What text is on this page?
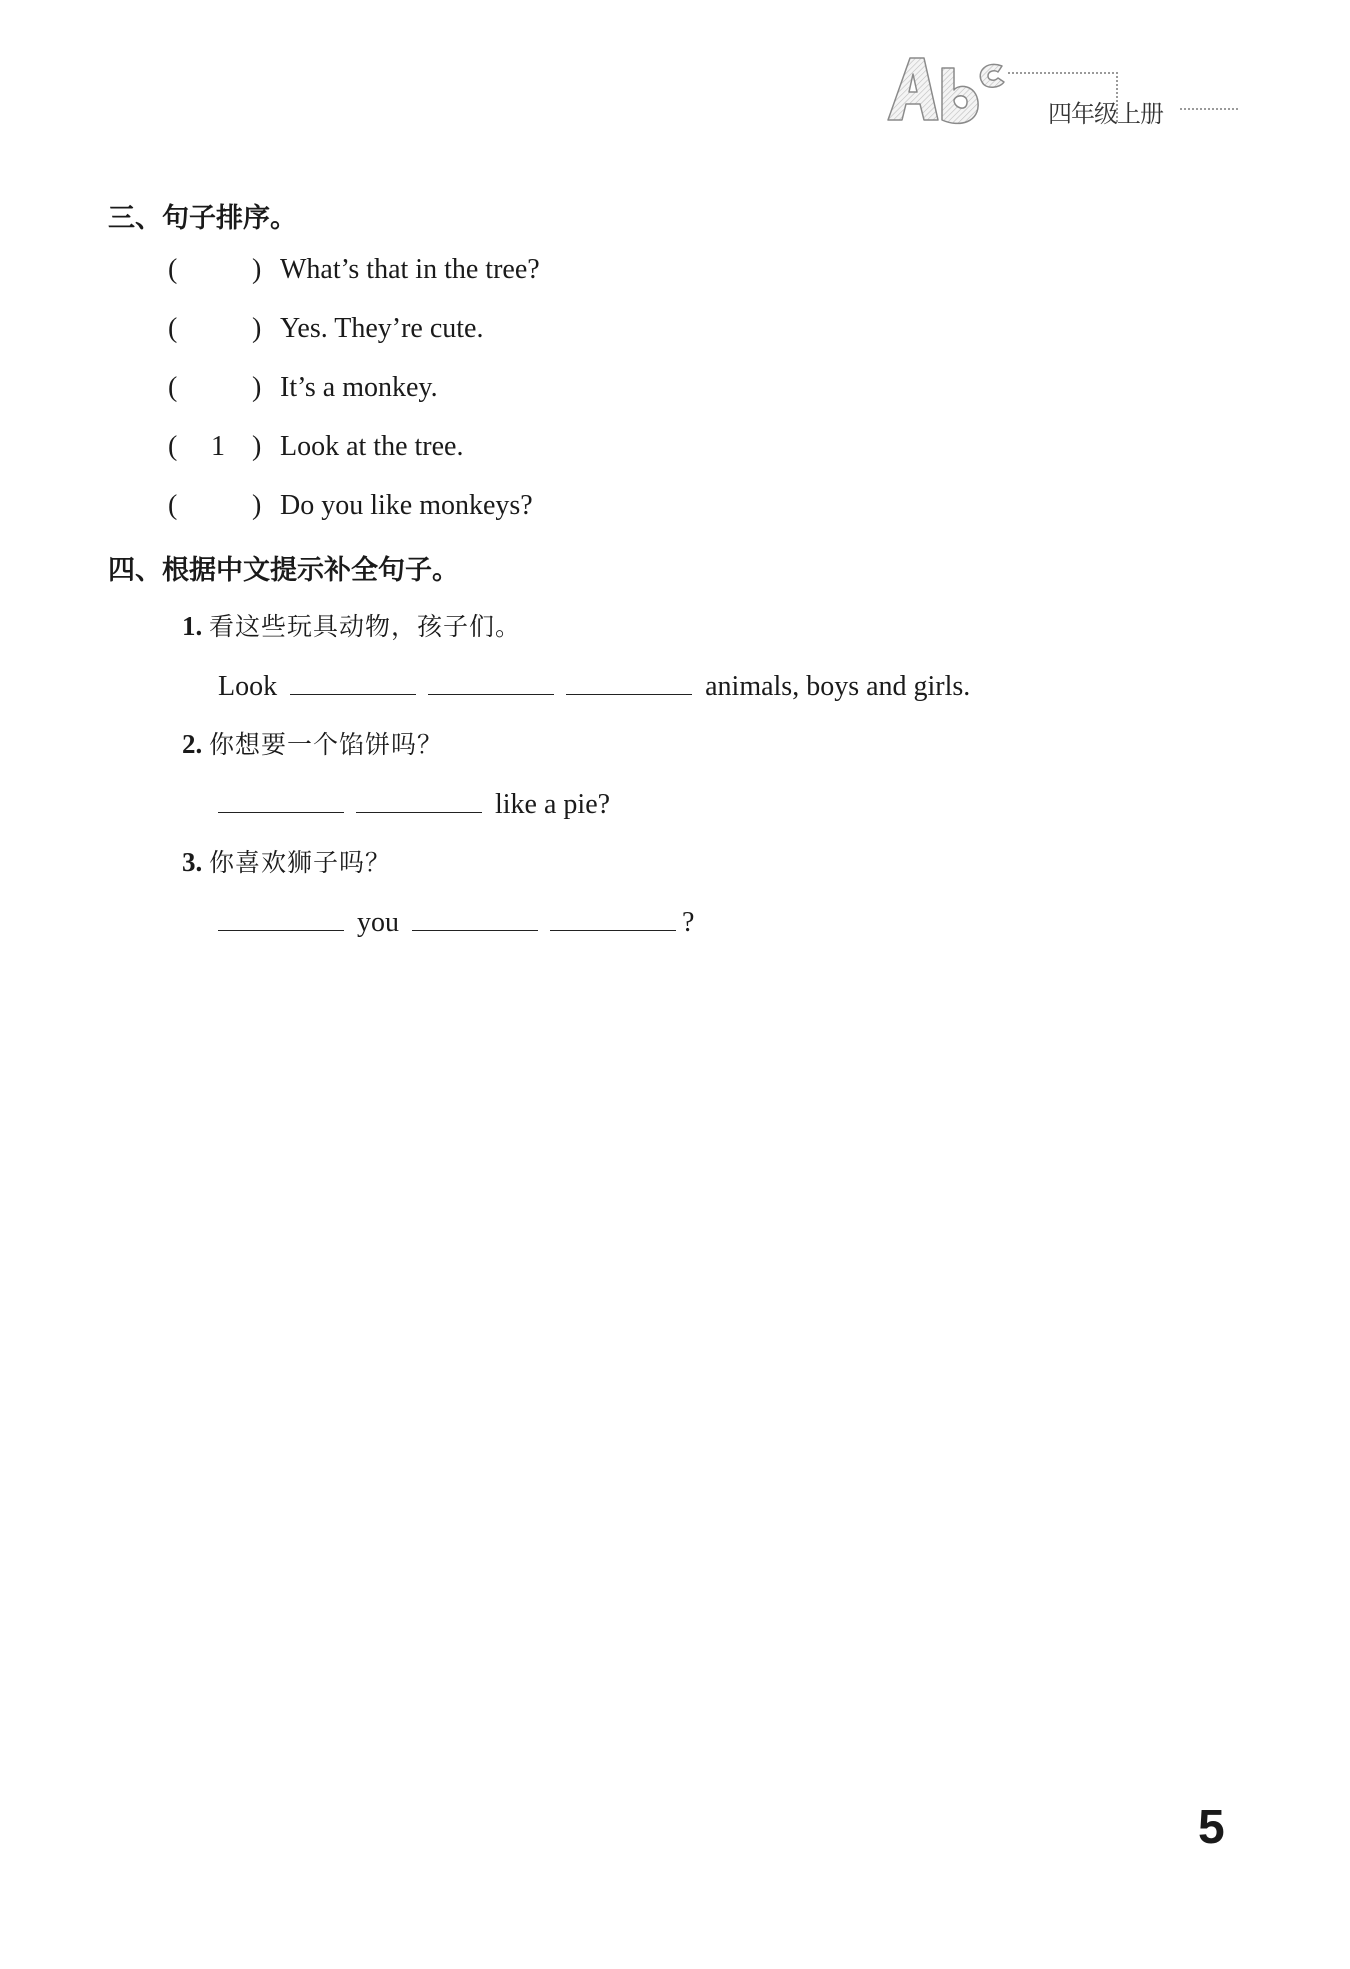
四年级上册
三、句子排序。
(	) What’s that in the tree?
(	) Yes. They’re cute.
(	) It’s a monkey.
( 1 ) Look at the tree.
(	) Do you like monkeys?
四、根据中文提示补全句子。
1. 看这些玩具动物，孩子们。
Look	animals, boys and girls.
2. 你想要一个馅饼吗？
like a pie?
3. 你喜欢狮子吗？
you	?
5
